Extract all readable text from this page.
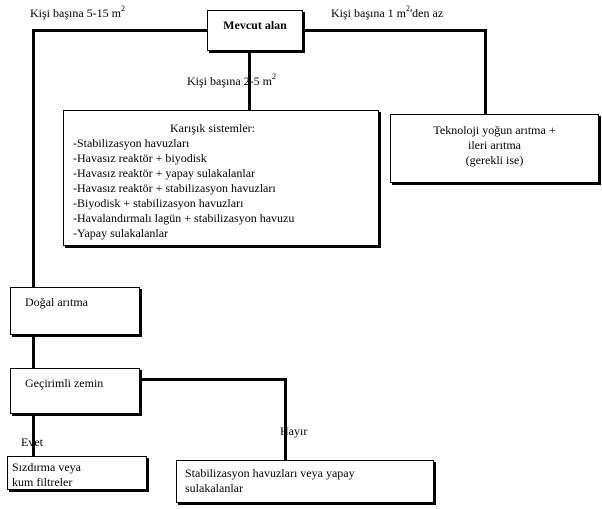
Mevcut alan
Karışık sistemler:
-Stabilizasyon havuzları
-Havasız reaktör + biyodisk
-Havasız reaktör + yapay sulakalanlar
-Havasız reaktör + stabilizasyon havuzları
-Biyodisk + stabilizasyon havuzları
-Havalandırmalı lagün + stabilizasyon havuzu
-Yapay sulakalanlar
Teknoloji yoğun arıtma +
ileri arıtma
(gerekli ise)
Doğal arıtma
Geçirimli zemin
Sızdırma veya kum filtreler
Stabilizasyon havuzları veya yapay sulakalanlar
Kişi başına 5-15 $m^2$	Kişi başına 1 $m^2'den$ az
Kişi başına 2-5 $m^2$
Evet
Hayır
